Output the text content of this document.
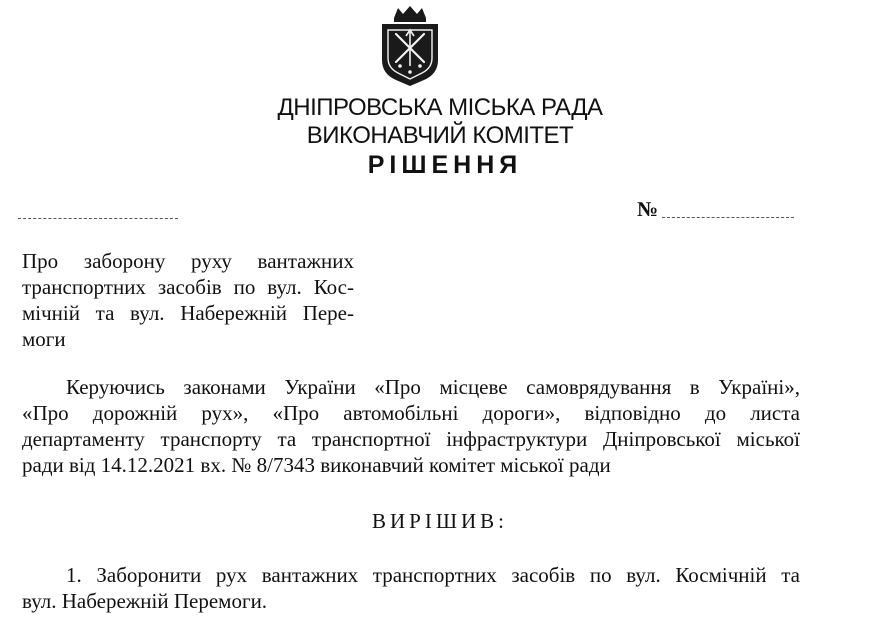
ДНІПРОВСЬКА МІСЬКА РАДА
ВИКОНАВЧИЙ КОМІТЕТ
РІШЕННЯ
№
Про заборону руху вантажних
транспортних засобів по вул. Кос-
мічній та вул. Набережній Пере-
моги
Керуючись законами України «Про місцеве самоврядування в Україні»,
«Про дорожній рух», «Про автомобільні дороги», відповідно до листа
департаменту транспорту та транспортної інфраструктури Дніпровської міської
ради від 14.12.2021 вх. № 8/7343 виконавчий комітет міської ради
ВИРІШИВ:
1. Заборонити рух вантажних транспортних засобів по вул. Космічній та
вул. Набережній Перемоги.
